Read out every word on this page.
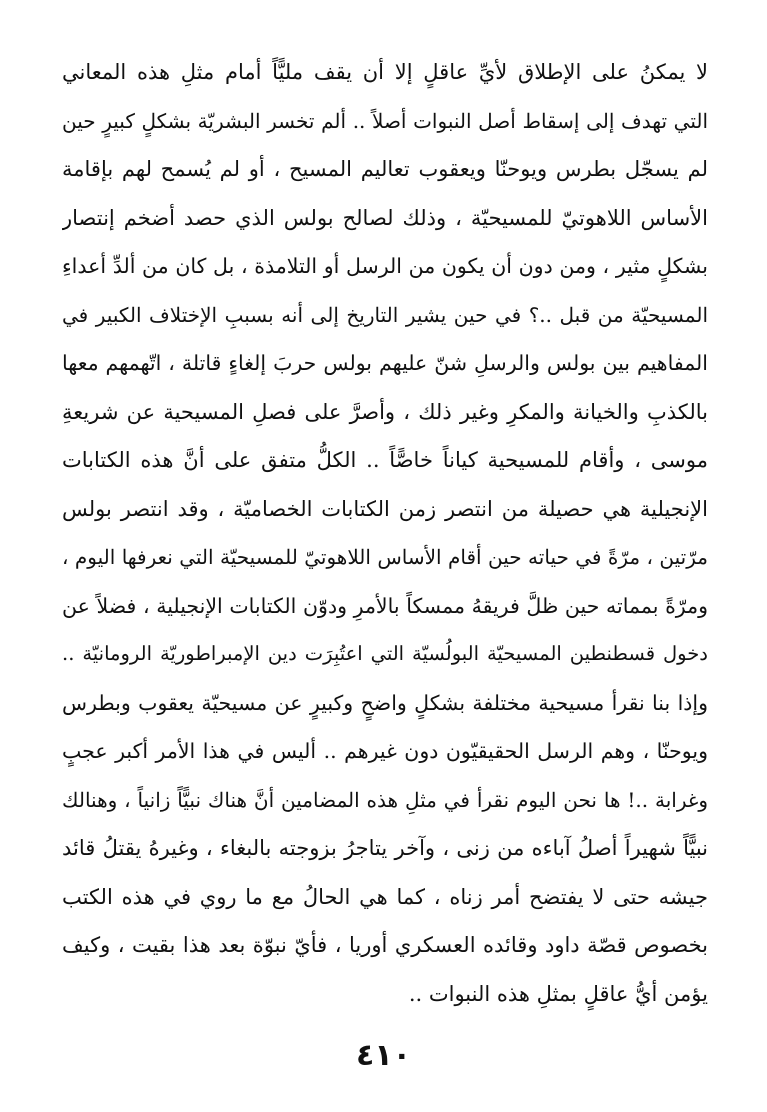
لا يمكنُ على الإطلاق لأيِّ عاقلٍ إلا أن يقف مليًّاً أمام مثلِ هذه المعاني
التي تهدف إلى إسقاط أصل النبوات أصلاً .. ألم تخسر البشريّة بشكلٍ كبيرٍ حين
لم يسجّل بطرس ويوحنّا ويعقوب تعاليم المسيح ، أو لم يُسمح لهم بإقامة
الأساس اللاهوتيّ للمسيحيّة ، وذلك لصالح بولس الذي حصد أضخم إنتصار
بشكلٍ مثير ، ومن دون أن يكون من الرسل أو التلامذة ، بل كان من ألدِّ أعداءِ
المسيحيّة من قبل ..؟ في حين يشير التاريخ إلى أنه بسببِ الإختلاف الكبير في
المفاهيم بين بولس والرسلِ شنّ عليهم بولس حربَ إلغاءٍ قاتلة ، اتّهمهم معها
بالكذبِ والخيانة والمكرِ وغير ذلك ، وأصرَّ على فصلِ المسيحية عن شريعةِ
موسى ، وأقام للمسيحية كياناً خاصًّاً .. الكلُّ متفق على أنَّ هذه الكتابات
الإنجيلية هي حصيلة من انتصر زمن الكتابات الخصاميّة ، وقد انتصر بولس
مرّتين ، مرّةً في حياته حين أقام الأساس اللاهوتيّ للمسيحيّة التي نعرفها اليوم ،
ومرّةً بمماته حين ظلَّ فريقهُ ممسكاً بالأمرِ ودوّن الكتابات الإنجيلية ، فضلاً عن
دخول قسطنطين المسيحيّة البولُسيّة التي اعتُبِرَت دين الإمبراطوريّة الرومانيّة ..
وإذا بنا نقرأ مسيحية مختلفة بشكلٍ واضحٍ وكبيرٍ عن مسيحيّة يعقوب وبطرس
ويوحنّا ، وهم الرسل الحقيقيّون دون غيرهم .. أليس في هذا الأمر أكبر عجبٍ
وغرابة ..! ها نحن اليوم نقرأ في مثلِ هذه المضامين أنَّ هناك نبيًّاً زانياً ، وهنالك
نبيًّاً شهيراً أصلُ آباءه من زنى ، وآخر يتاجرُ بزوجته بالبغاء ، وغيرهُ يقتلُ قائد
جيشه حتى لا يفتضح أمر زناه ، كما هي الحالُ مع ما روي في هذه الكتب
بخصوص قصّة داود وقائده العسكري أوريا ، فأيّ نبوّة بعد هذا بقيت ، وكيف
يؤمن أيُّ عاقلٍ بمثلِ هذه النبوات ..
٤١٠
